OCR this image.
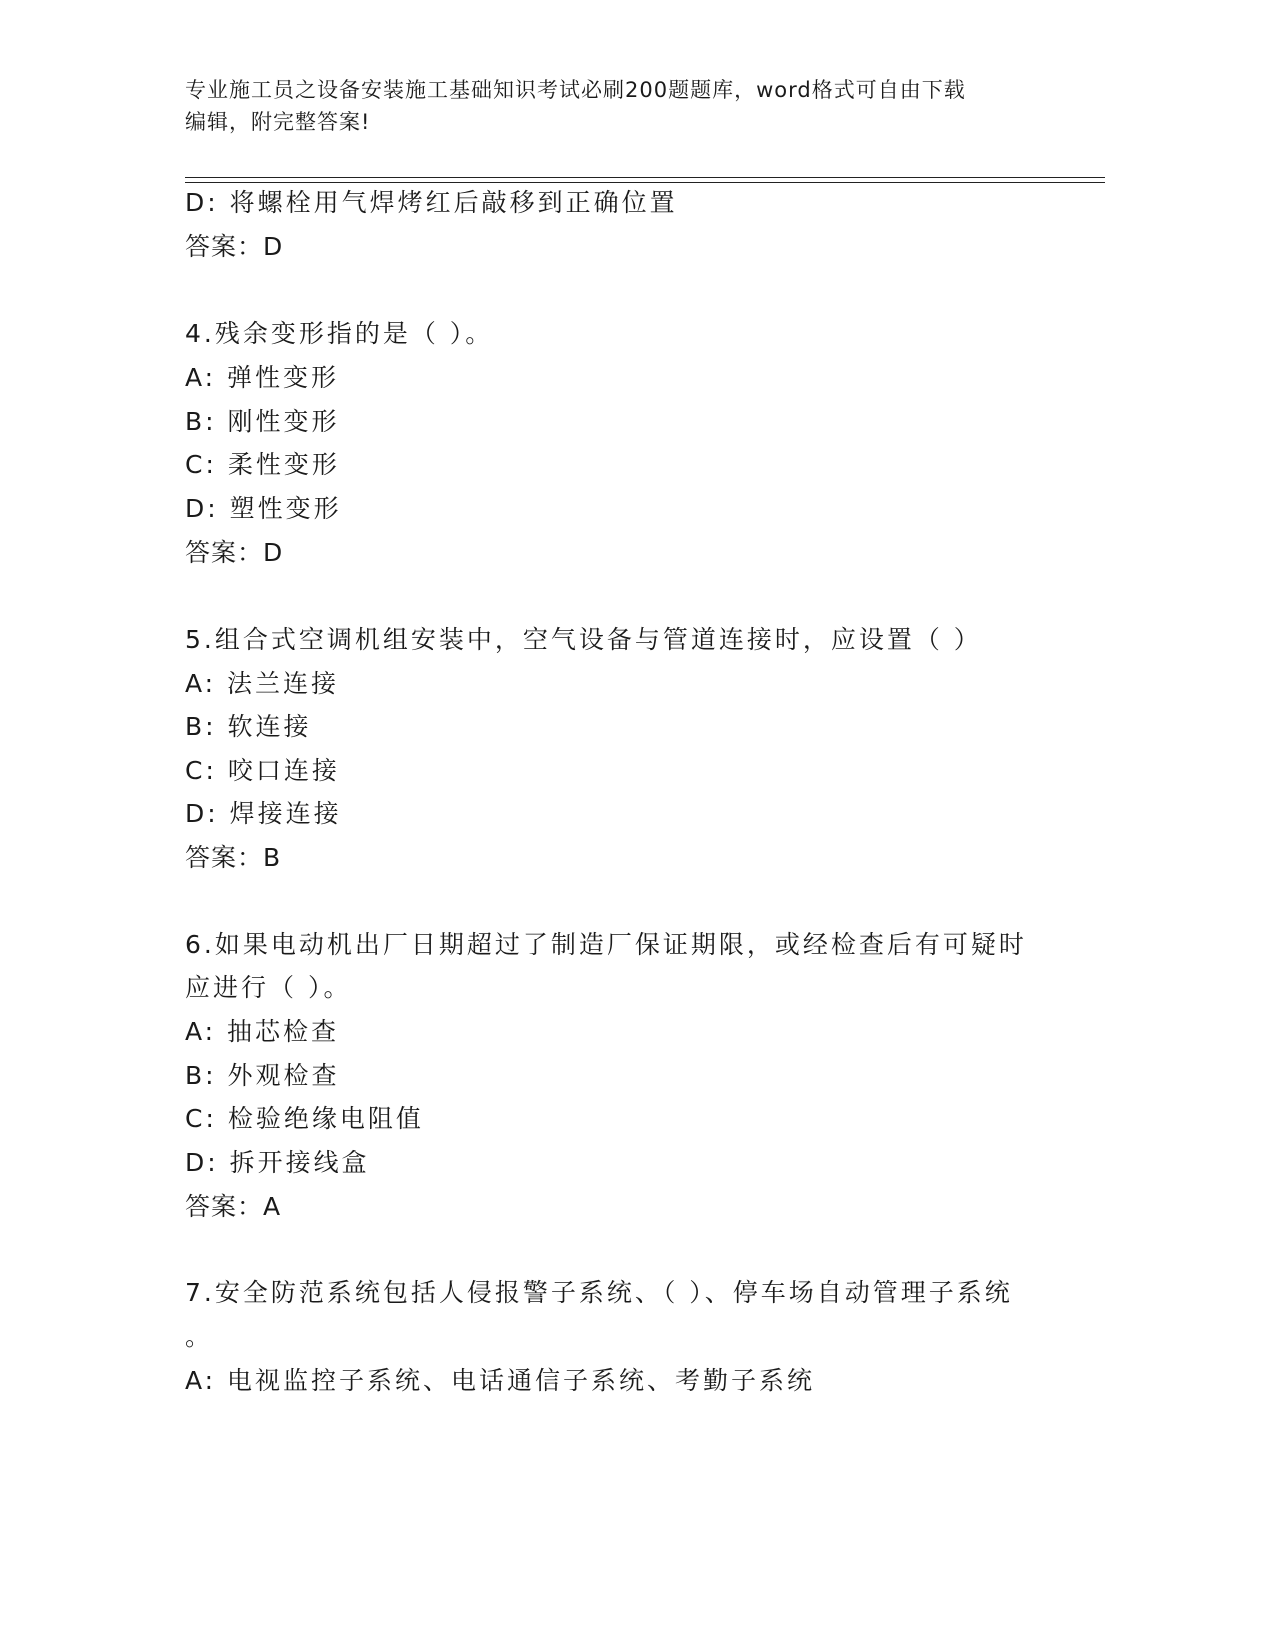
专业施工员之设备安装施工基础知识考试必刷200题题库，word格式可自由下载
编辑，附完整答案!
D: 将螺栓用气焊烤红后敲移到正确位置
答案：D
4.残余变形指的是（ ）。
A: 弹性变形
B: 刚性变形
C: 柔性变形
D: 塑性变形
答案：D
5.组合式空调机组安装中，空气设备与管道连接时，应设置（ ）
A: 法兰连接
B: 软连接
C: 咬口连接
D: 焊接连接
答案：B
6.如果电动机出厂日期超过了制造厂保证期限，或经检查后有可疑时
应进行（ ）。
A: 抽芯检查
B: 外观检查
C: 检验绝缘电阻值
D: 拆开接线盒
答案：A
7.安全防范系统包括人侵报警子系统、（ ）、停车场自动管理子系统
。
A: 电视监控子系统、电话通信子系统、考勤子系统
